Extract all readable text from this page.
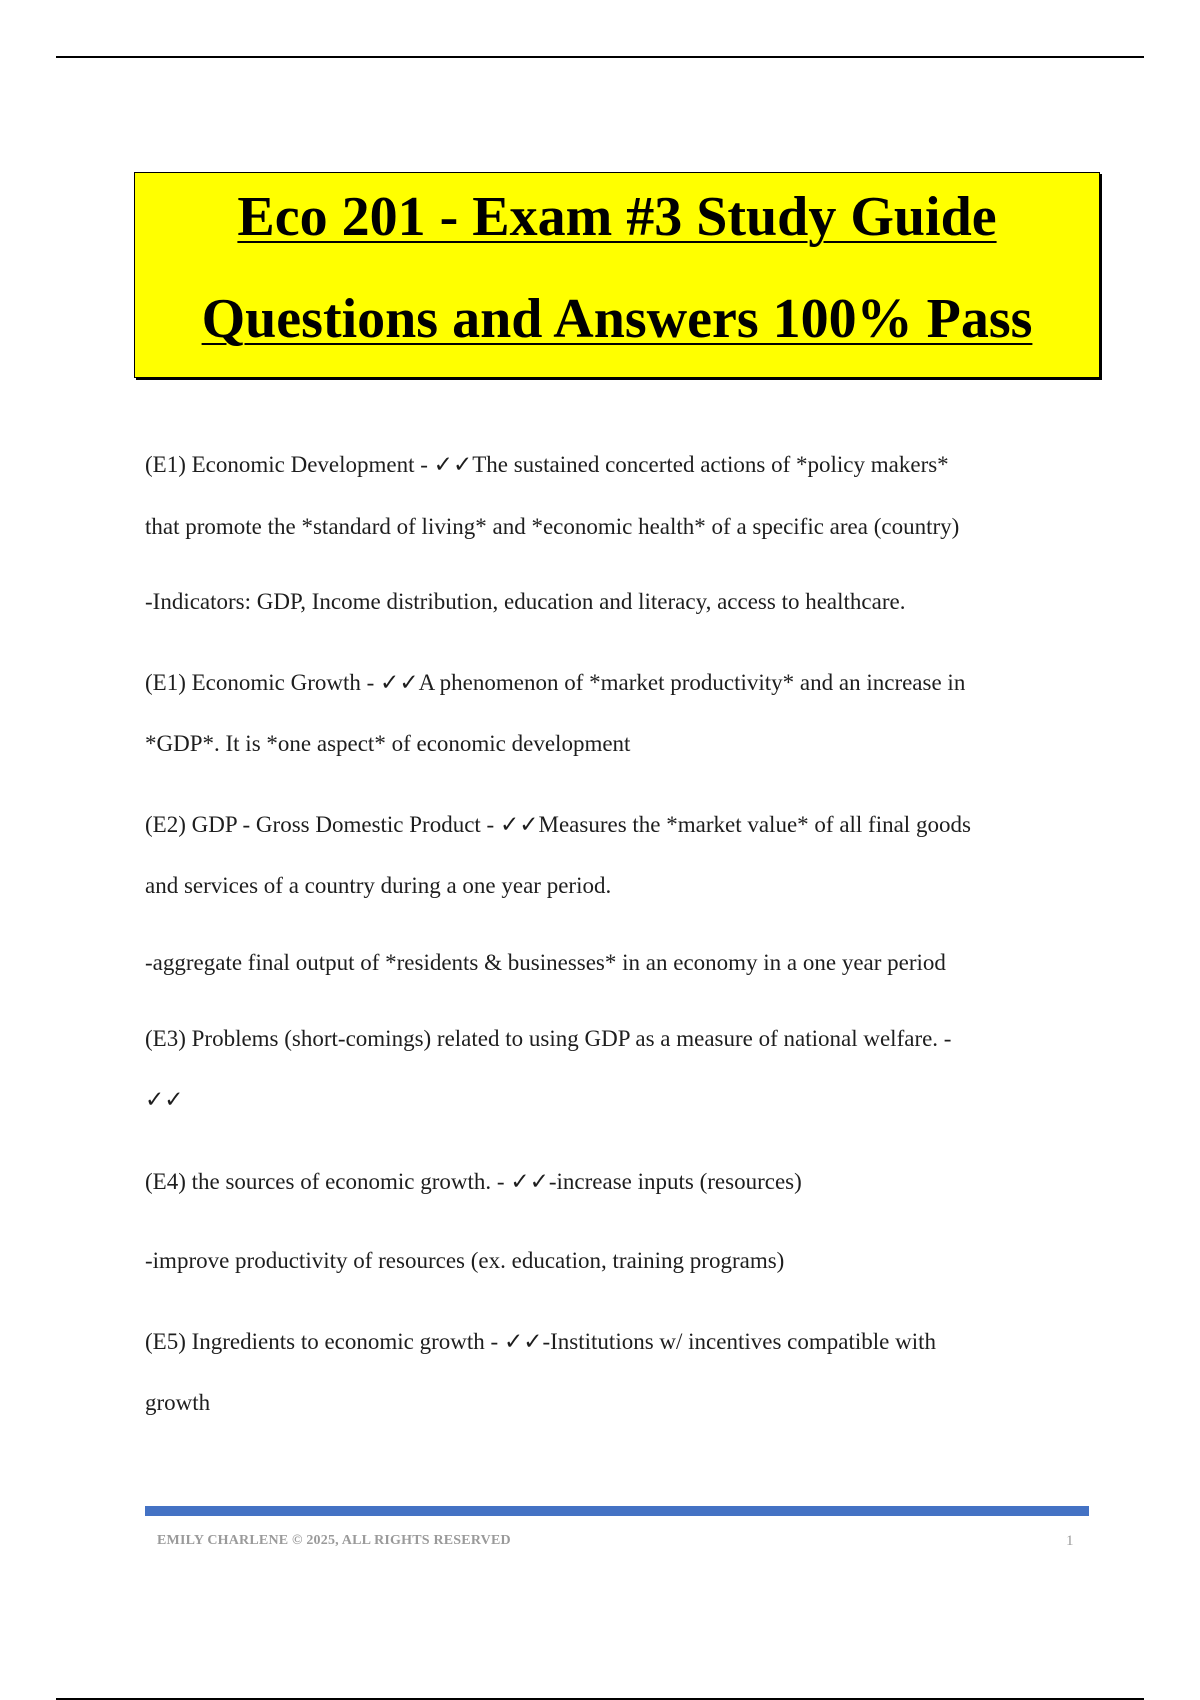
Eco 201 - Exam #3 Study Guide
Questions and Answers 100% Pass
(E1) Economic Development - ✓✓The sustained concerted actions of *policy makers*
that promote the *standard of living* and *economic health* of a specific area (country)
-Indicators: GDP, Income distribution, education and literacy, access to healthcare.
(E1) Economic Growth - ✓✓A phenomenon of *market productivity* and an increase in
*GDP*. It is *one aspect* of economic development
(E2) GDP - Gross Domestic Product - ✓✓Measures the *market value* of all final goods
and services of a country during a one year period.
-aggregate final output of *residents & businesses* in an economy in a one year period
(E3) Problems (short-comings) related to using GDP as a measure of national welfare. -
✓✓
(E4) the sources of economic growth. - ✓✓-increase inputs (resources)
-improve productivity of resources (ex. education, training programs)
(E5) Ingredients to economic growth - ✓✓-Institutions w/ incentives compatible with
growth
EMILY CHARLENE © 2025, ALL RIGHTS RESERVED	1
